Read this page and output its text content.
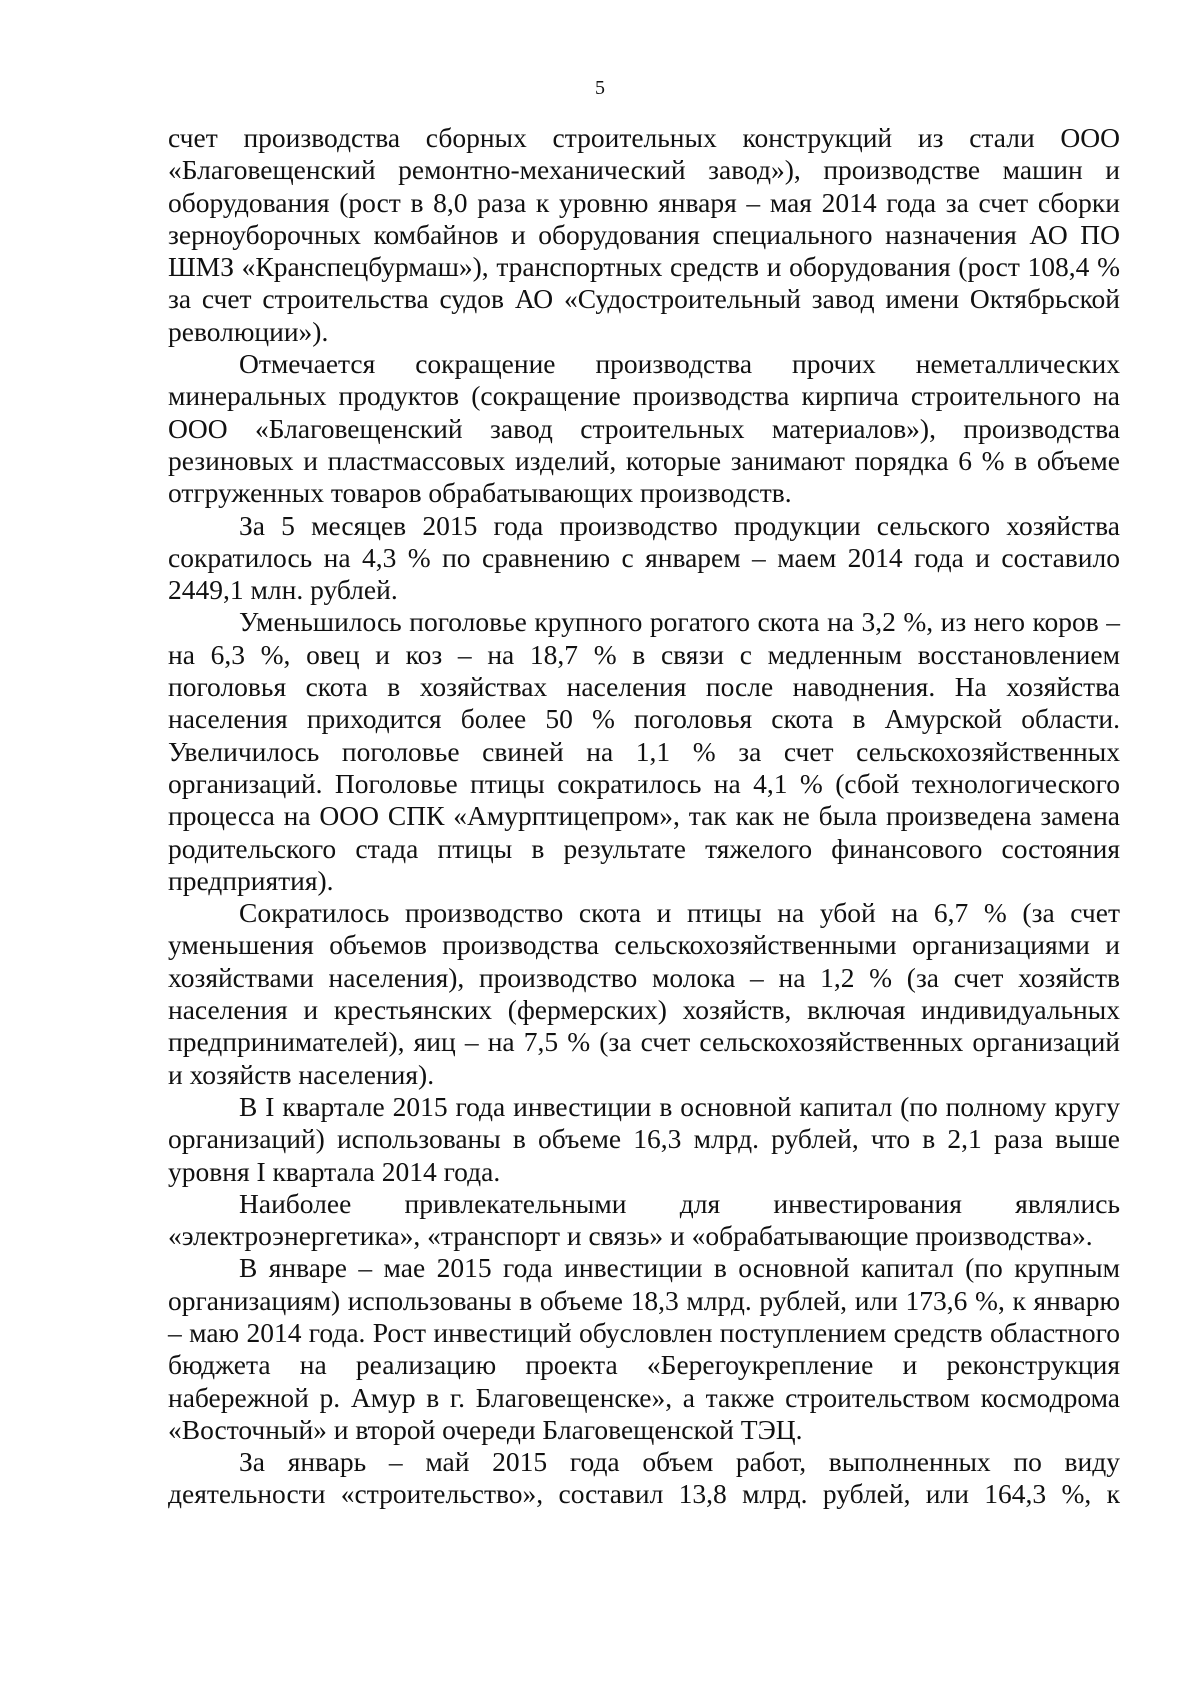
5

счет производства сборных строительных конструкций из стали ООО «Благовещенский ремонтно-механический завод»), производстве машин и оборудования (рост в 8,0 раза к уровню января – мая 2014 года за счет сборки зерноуборочных комбайнов и оборудования специального назначения АО ПО ШМЗ «Кранспецбурмаш»), транспортных средств и оборудования (рост 108,4 % за счет строительства судов АО «Судостроительный завод имени Октябрьской революции»).

Отмечается сокращение производства прочих неметаллических минеральных продуктов (сокращение производства кирпича строительного на ООО «Благовещенский завод строительных материалов»), производства резиновых и пластмассовых изделий, которые занимают порядка 6 % в объеме отгруженных товаров обрабатывающих производств.

За 5 месяцев 2015 года производство продукции сельского хозяйства сократилось на 4,3 % по сравнению с январем – маем 2014 года и составило 2449,1 млн. рублей.

Уменьшилось поголовье крупного рогатого скота на 3,2 %, из него коров – на 6,3 %, овец и коз – на 18,7 % в связи с медленным восстановлением поголовья скота в хозяйствах населения после наводнения. На хозяйства населения приходится более 50 % поголовья скота в Амурской области. Увеличилось поголовье свиней на 1,1 % за счет сельскохозяйственных организаций. Поголовье птицы сократилось на 4,1 % (сбой технологического процесса на ООО СПК «Амурптицепром», так как не была произведена замена родительского стада птицы в результате тяжелого финансового состояния предприятия).

Сократилось производство скота и птицы на убой на 6,7 % (за счет уменьшения объемов производства сельскохозяйственными организациями и хозяйствами населения), производство молока – на 1,2 % (за счет хозяйств населения и крестьянских (фермерских) хозяйств, включая индивидуальных предпринимателей), яиц – на 7,5 % (за счет сельскохозяйственных организаций и хозяйств населения).

В I квартале 2015 года инвестиции в основной капитал (по полному кругу организаций) использованы в объеме 16,3 млрд. рублей, что в 2,1 раза выше уровня I квартала 2014 года.

Наиболее привлекательными для инвестирования являлись «электроэнергетика», «транспорт и связь» и «обрабатывающие производства».

В январе – мае 2015 года инвестиции в основной капитал (по крупным организациям) использованы в объеме 18,3 млрд. рублей, или 173,6 %, к январю – маю 2014 года. Рост инвестиций обусловлен поступлением средств областного бюджета на реализацию проекта «Берегоукрепление и реконструкция набережной р. Амур в г. Благовещенске», а также строительством космодрома «Восточный» и второй очереди Благовещенской ТЭЦ.

За январь – май 2015 года объем работ, выполненных по виду деятельности «строительство», составил 13,8 млрд. рублей, или 164,3 %, к
